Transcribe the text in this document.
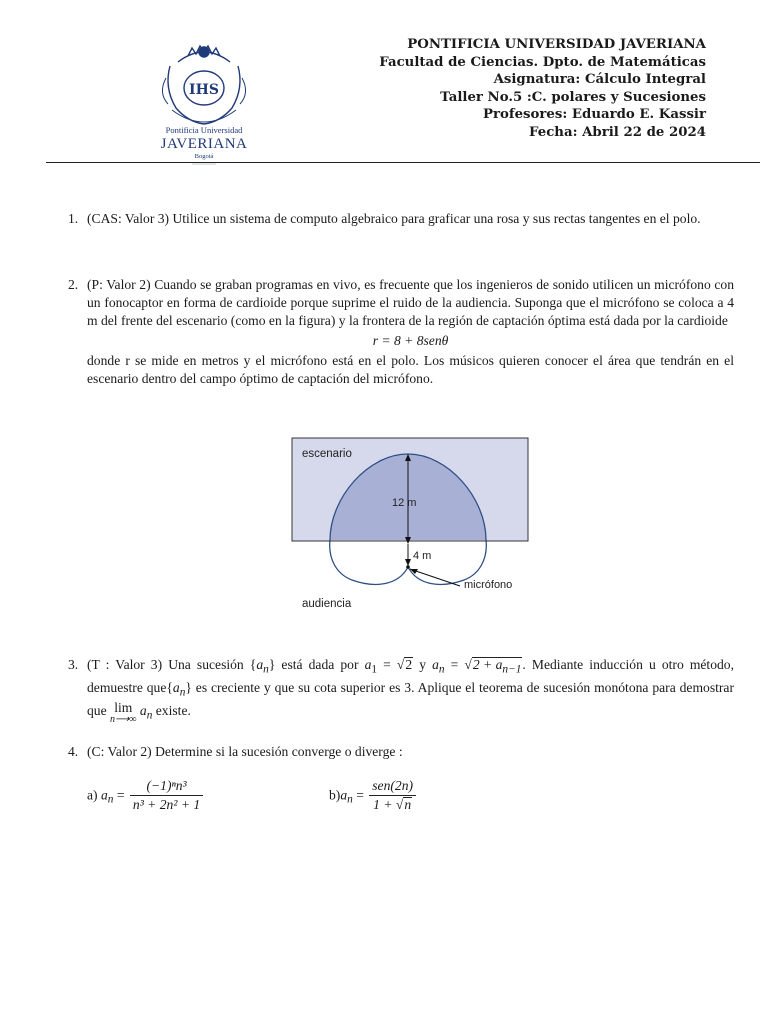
IHS
Pontificia Universidad
JAVERIANA
Bogotá
PONTIFICIA UNIVERSIDAD JAVERIANA
Facultad de Ciencias. Dpto. de Matemáticas
Asignatura: Cálculo Integral
Taller No.5 :C. polares y Sucesiones
Profesores: Eduardo E. Kassir
Fecha: Abril 22 de 2024
1. (CAS: Valor 3) Utilice un sistema de computo algebraico para graficar una rosa y sus rectas tangentes en el polo.
2. (P: Valor 2) Cuando se graban programas en vivo, es frecuente que los ingenieros de sonido utilicen un micrófono con un fonocaptor en forma de cardioide porque suprime el ruido de la audiencia. Suponga que el micrófono se coloca a 4 m del frente del escenario (como en la figura) y la frontera de la región de captación óptima está dada por la cardioide
r = 8 + 8senθ
donde r se mide en metros y el micrófono está en el polo. Los músicos quieren conocer el área que tendrán en el escenario dentro del campo óptimo de captación del micrófono.
escenario
12 m
4 m
micrófono
audiencia
3. (T : Valor 3) Una sucesión $\{a_n\}$ está dada por $a_1 = √2$ y $a_n = √2 + a_{n-1}$. Mediante inducción u otro método, demuestre $que\{a_n\}$ es creciente y que su cota superior es 3. Aplique el teorema de sucesión monótona para demostrar que lim
n⟶∞
$a_n$ existe.
4. (C: Valor 2) Determine si la sucesión converge o diverge :
a) $a_n = \frac{\text{(−1)ⁿn³}}{\text{n³ + 2n² + 1}}$	$b)a_n = \frac{\text{sen(2n)}}{1 + √n}$
